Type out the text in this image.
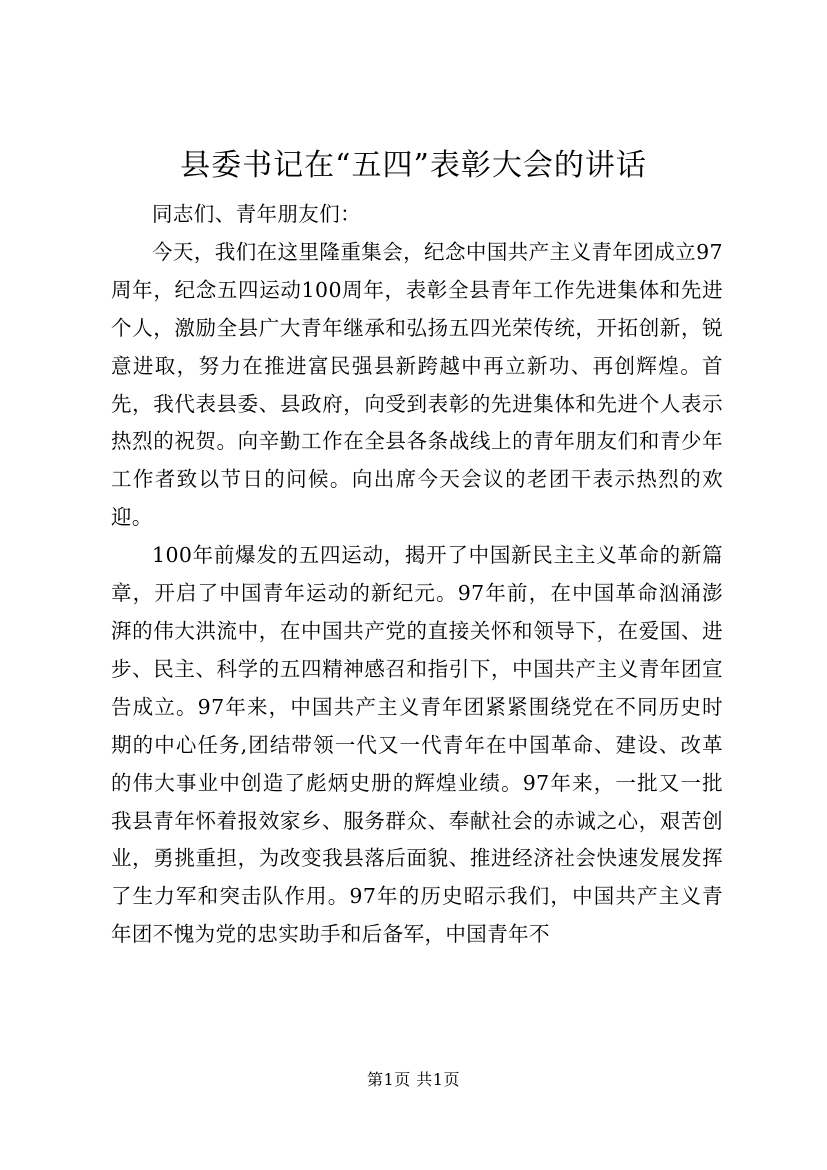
县委书记在“五四”表彰大会的讲话

同志们、青年朋友们：

今天，我们在这里隆重集会，纪念中国共产主义青年团成立97周年，纪念五四运动100周年，表彰全县青年工作先进集体和先进个人，激励全县广大青年继承和弘扬五四光荣传统，开拓创新，锐意进取，努力在推进富民强县新跨越中再立新功、再创辉煌。首先，我代表县委、县政府，向受到表彰的先进集体和先进个人表示热烈的祝贺。向辛勤工作在全县各条战线上的青年朋友们和青少年工作者致以节日的问候。向出席今天会议的老团干表示热烈的欢迎。

100年前爆发的五四运动，揭开了中国新民主主义革命的新篇章，开启了中国青年运动的新纪元。97年前，在中国革命汹涌澎湃的伟大洪流中，在中国共产党的直接关怀和领导下，在爱国、进步、民主、科学的五四精神感召和指引下，中国共产主义青年团宣告成立。97年来，中国共产主义青年团紧紧围绕党在不同历史时期的中心任务,团结带领一代又一代青年在中国革命、建设、改革的伟大事业中创造了彪炳史册的辉煌业绩。97年来，一批又一批我县青年怀着报效家乡、服务群众、奉献社会的赤诚之心，艰苦创业，勇挑重担，为改变我县落后面貌、推进经济社会快速发展发挥了生力军和突击队作用。97年的历史昭示我们，中国共产主义青年团不愧为党的忠实助手和后备军，中国青年不

第1页 共1页
